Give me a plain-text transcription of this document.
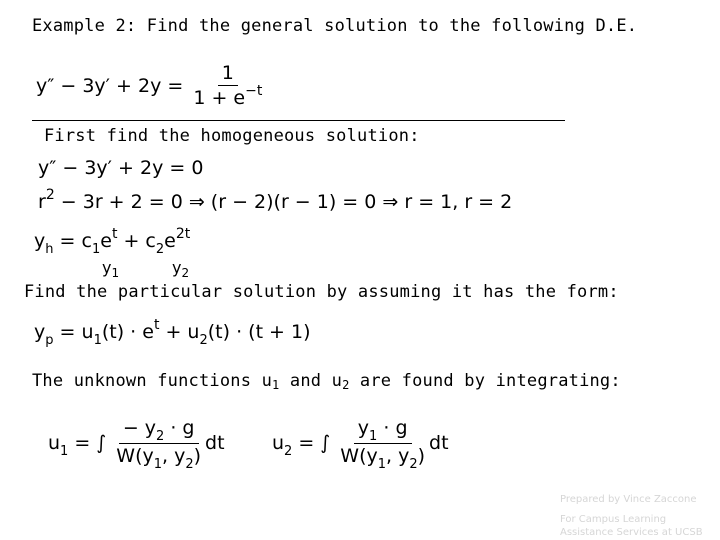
Example 2: Find the general solution to the following D.E.
$y'' - 3y' + 2y = \frac{1}{1 + e^{-t}}$
First find the homogeneous solution:
y″ − 3y′ + 2y = 0
$r^2 - 3r + 2 = 0$ ⇒ (r − 2)(r − 1) = 0 ⇒ r = 1, r = 2
$y_h = c_1e^t + c_2e^{2t}$
$y_1$	$y_2$
Find the particular solution by assuming it has the form:
$y_p = u_1(t) \cdot e^t + u_2(t) \cdot (t + 1)$
The unknown functions u1 and u2 are found by integrating:
$u_1$ = ∫ $\frac{- y_2 \cdot g}{W(y_1, y_2)}$ dt $u_2$ = ∫ $\frac{y_1 \cdot g}{W(y_1, y_2)}$ dt
Prepared by Vince Zaccone
For Campus Learning
Assistance Services at UCSB
